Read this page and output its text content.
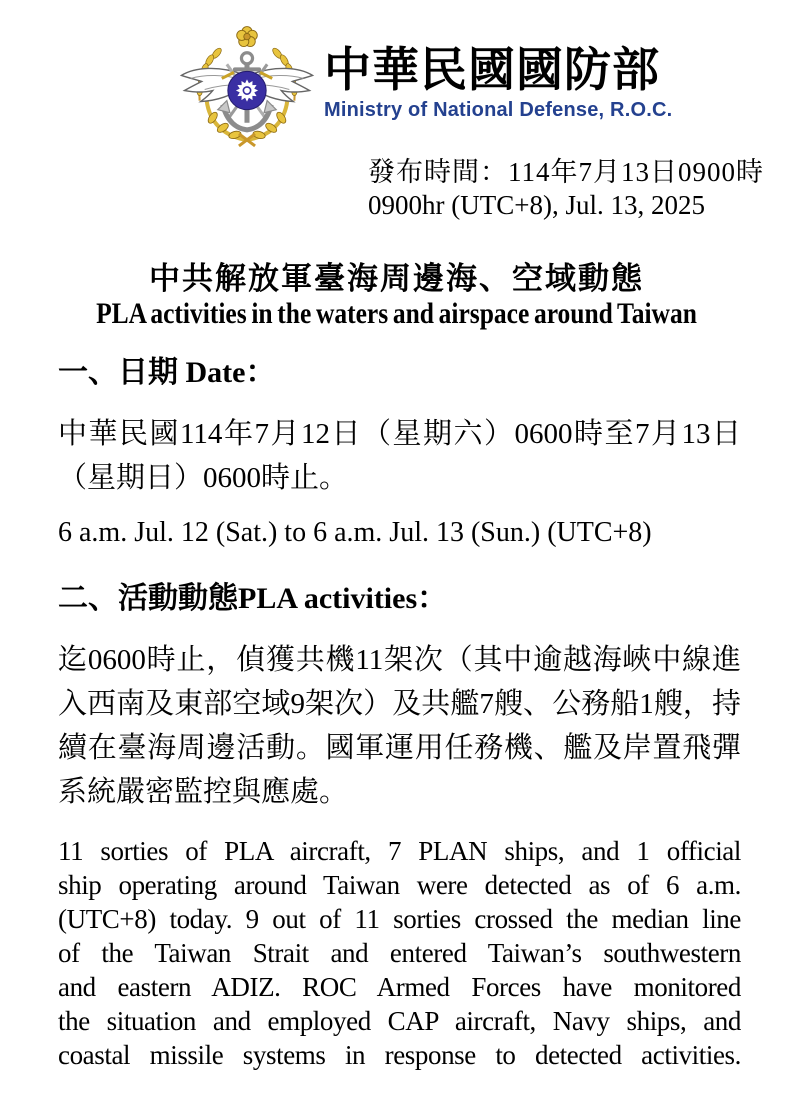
中華民國國防部
Ministry of National Defense, R.O.C.
發布時間：114年7月13日0900時
0900hr (UTC+8), Jul. 13, 2025
中共解放軍臺海周邊海、空域動態
PLA activities in the waters and airspace around Taiwan
一、日期 Date：
中華民國114年7月12日（星期六）0600時至7月13日
（星期日）0600時止。
6 a.m. Jul. 12 (Sat.) to 6 a.m. Jul. 13 (Sun.) (UTC+8)
二、活動動態PLA activities：
迄0600時止，偵獲共機11架次（其中逾越海峽中線進
入西南及東部空域9架次）及共艦7艘、公務船1艘，持
續在臺海周邊活動。國軍運用任務機、艦及岸置飛彈
系統嚴密監控與應處。
11 sorties of PLA aircraft, 7 PLAN ships, and 1 official
ship operating around Taiwan were detected as of 6 a.m.
(UTC+8) today. 9 out of 11 sorties crossed the median line
of the Taiwan Strait and entered Taiwan’s southwestern
and eastern ADIZ. ROC Armed Forces have monitored
the situation and employed CAP aircraft, Navy ships, and
coastal missile systems in response to detected activities.
